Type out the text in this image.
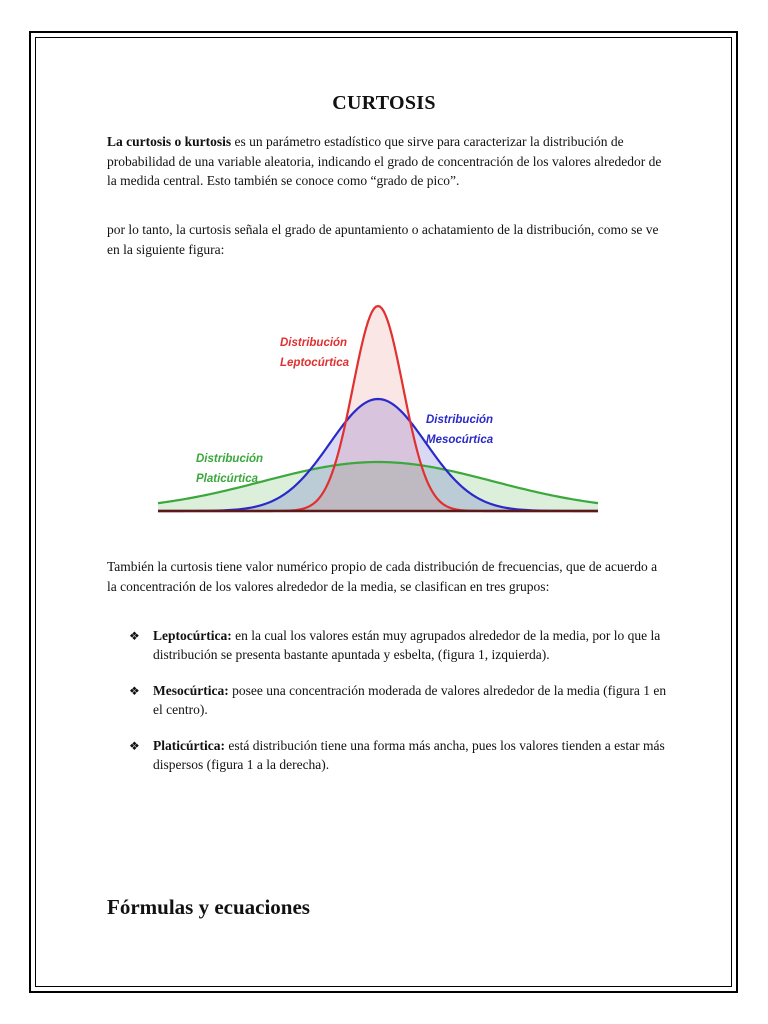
CURTOSIS

La curtosis o kurtosis es un parámetro estadístico que sirve para caracterizar la distribución de probabilidad de una variable aleatoria, indicando el grado de concentración de los valores alrededor de la medida central. Esto también se conoce como “grado de pico”.

por lo tanto, la curtosis señala el grado de apuntamiento o achatamiento de la distribución, como se ve en la siguiente figura:

Distribución
Leptocúrtica
Distribución
Mesocúrtica
Distribución
Platicúrtica

También la curtosis tiene valor numérico propio de cada distribución de frecuencias, que de acuerdo a la concentración de los valores alrededor de la media, se clasifican en tres grupos:

❖ Leptocúrtica: en la cual los valores están muy agrupados alrededor de la media, por lo que la distribución se presenta bastante apuntada y esbelta, (figura 1, izquierda).
❖ Mesocúrtica: posee una concentración moderada de valores alrededor de la media (figura 1 en el centro).
❖ Platicúrtica: está distribución tiene una forma más ancha, pues los valores tienden a estar más dispersos (figura 1 a la derecha).
Fórmulas y ecuaciones
